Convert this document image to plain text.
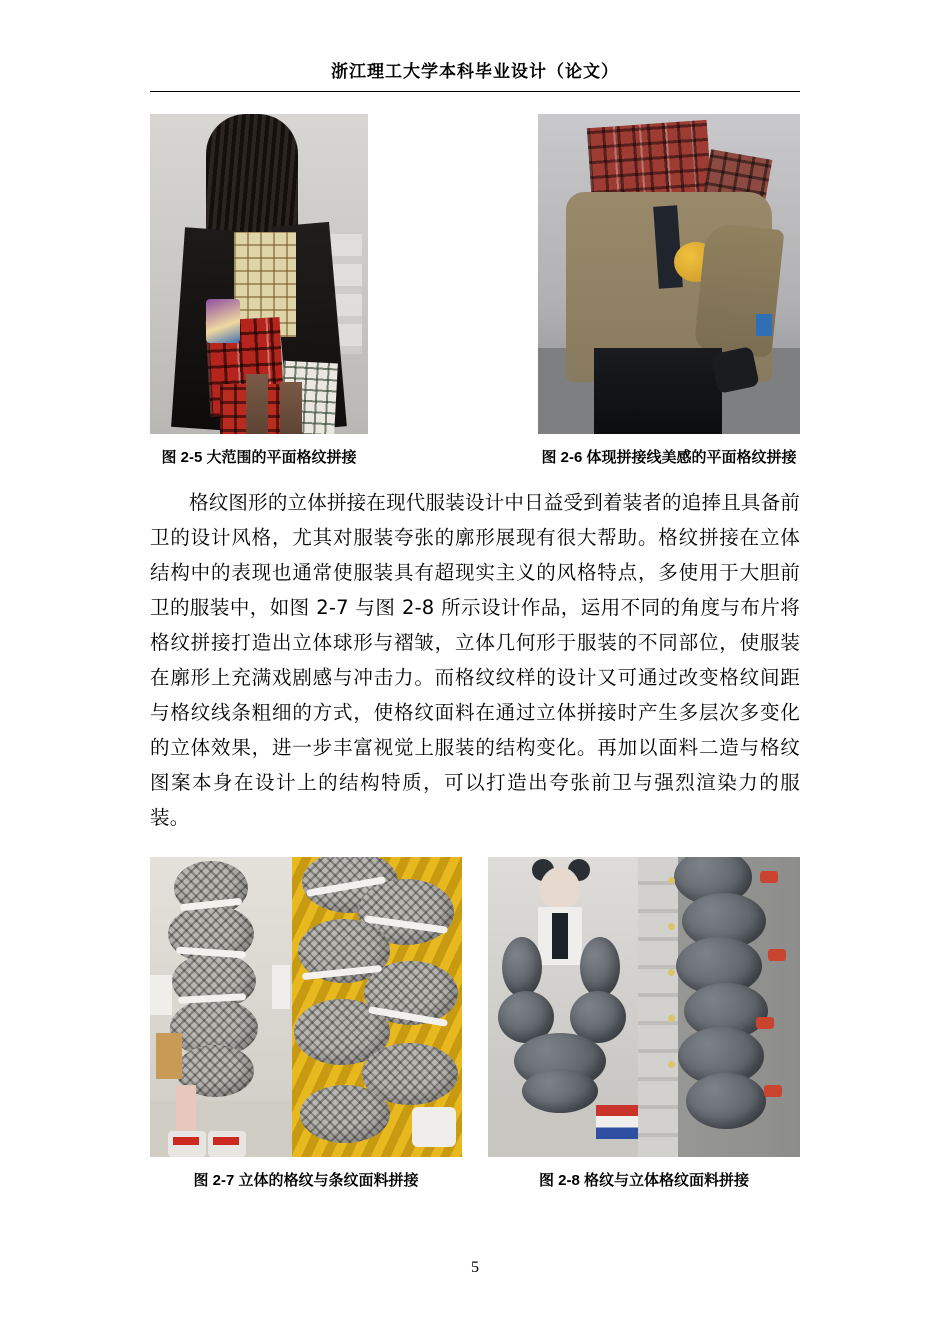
浙江理工大学本科毕业设计（论文）
图 2-5 大范围的平面格纹拼接	图 2-6 体现拼接线美感的平面格纹拼接

格纹图形的立体拼接在现代服装设计中日益受到着装者的追捧且具备前卫的设计风格，尤其对服装夸张的廓形展现有很大帮助。格纹拼接在立体结构中的表现也通常使服装具有超现实主义的风格特点，多使用于大胆前卫的服装中，如图 2-7 与图 2-8 所示设计作品，运用不同的角度与布片将格纹拼接打造出立体球形与褶皱，立体几何形于服装的不同部位，使服装在廓形上充满戏剧感与冲击力。而格纹纹样的设计又可通过改变格纹间距与格纹线条粗细的方式，使格纹面料在通过立体拼接时产生多层次多变化的立体效果，进一步丰富视觉上服装的结构变化。再加以面料二造与格纹图案本身在设计上的结构特质，可以打造出夸张前卫与强烈渲染力的服装。

图 2-7 立体的格纹与条纹面料拼接	图 2-8 格纹与立体格纹面料拼接
5
